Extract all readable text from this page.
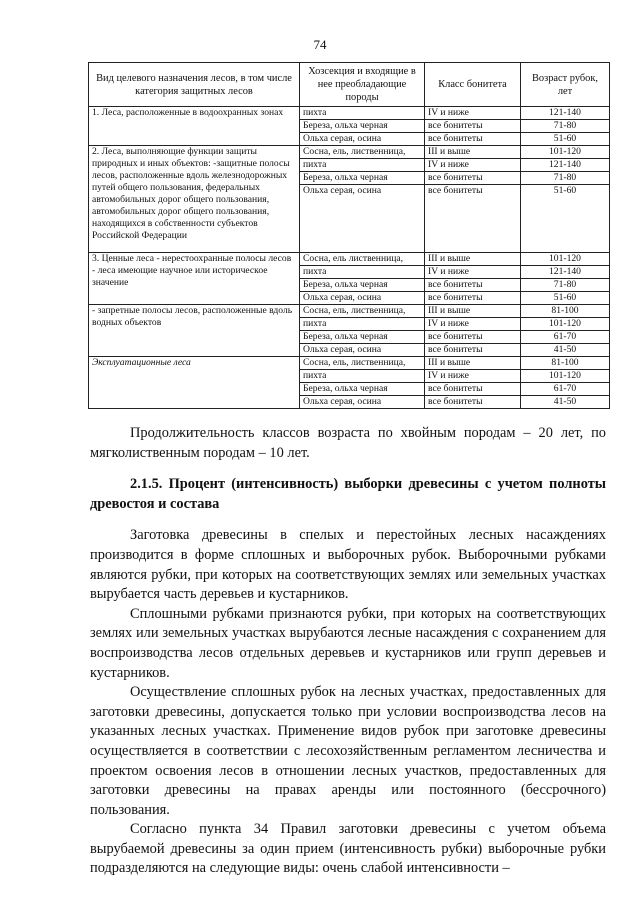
74
Вид целевого назначения лесов, в том числе категория защитных лесов	Хозсекция и входящие в нее преобладающие породы	Класс бонитета	Возраст рубок, лет
1. Леса, расположенные в водоохранных зонах	пихта	IV и ниже	121-140
	Береза, ольха черная	все бонитеты	71-80
	Ольха серая, осина	все бонитеты	51-60
2. Леса, выполняющие функции защиты природных и иных объектов: -защитные полосы лесов, расположенные вдоль железнодорожных путей общего пользования, федеральных автомобильных дорог общего пользования, автомобильных дорог общего пользования, находящихся в собственности субъектов Российской Федерации	Сосна, ель, лиственница,	III и выше	101-120
	пихта	IV и ниже	121-140
	Береза, ольха черная	все бонитеты	71-80
	Ольха серая, осина	все бонитеты	51-60
3. Ценные леса - нерестоохранные полосы лесов - леса имеющие научное или историческое значение	Сосна, ель лиственница,	III и выше	101-120
	пихта	IV и ниже	121-140
	Береза, ольха черная	все бонитеты	71-80
	Ольха серая, осина	все бонитеты	51-60
- запретные полосы лесов, расположенные вдоль водных объектов	Сосна, ель, лиственница,	III и выше	81-100
	пихта	IV и ниже	101-120
	Береза, ольха черная	все бонитеты	61-70
	Ольха серая, осина	все бонитеты	41-50
Эксплуатационные леса	Сосна, ель, лиственница,	III и выше	81-100
	пихта	IV и ниже	101-120
	Береза, ольха черная	все бонитеты	61-70
	Ольха серая, осина	все бонитеты	41-50

Продолжительность классов возраста по хвойным породам – 20 лет, по мягколиственным породам – 10 лет.

2.1.5. Процент (интенсивность) выборки древесины с учетом полноты древостоя и состава

Заготовка древесины в спелых и перестойных лесных насаждениях производится в форме сплошных и выборочных рубок. Выборочными рубками являются рубки, при которых на соответствующих землях или земельных участках вырубается часть деревьев и кустарников.

Сплошными рубками признаются рубки, при которых на соответствующих землях или земельных участках вырубаются лесные насаждения с сохранением для воспроизводства лесов отдельных деревьев и кустарников или групп деревьев и кустарников.

Осуществление сплошных рубок на лесных участках, предоставленных для заготовки древесины, допускается только при условии воспроизводства лесов на указанных лесных участках. Применение видов рубок при заготовке древесины осуществляется в соответствии с лесохозяйственным регламентом лесничества и проектом освоения лесов в отношении лесных участков, предоставленных для заготовки древесины на правах аренды или постоянного (бессрочного) пользования.

Согласно пункта 34 Правил заготовки древесины с учетом объема вырубаемой древесины за один прием (интенсивность рубки) выборочные рубки подразделяются на следующие виды: очень слабой интенсивности –
